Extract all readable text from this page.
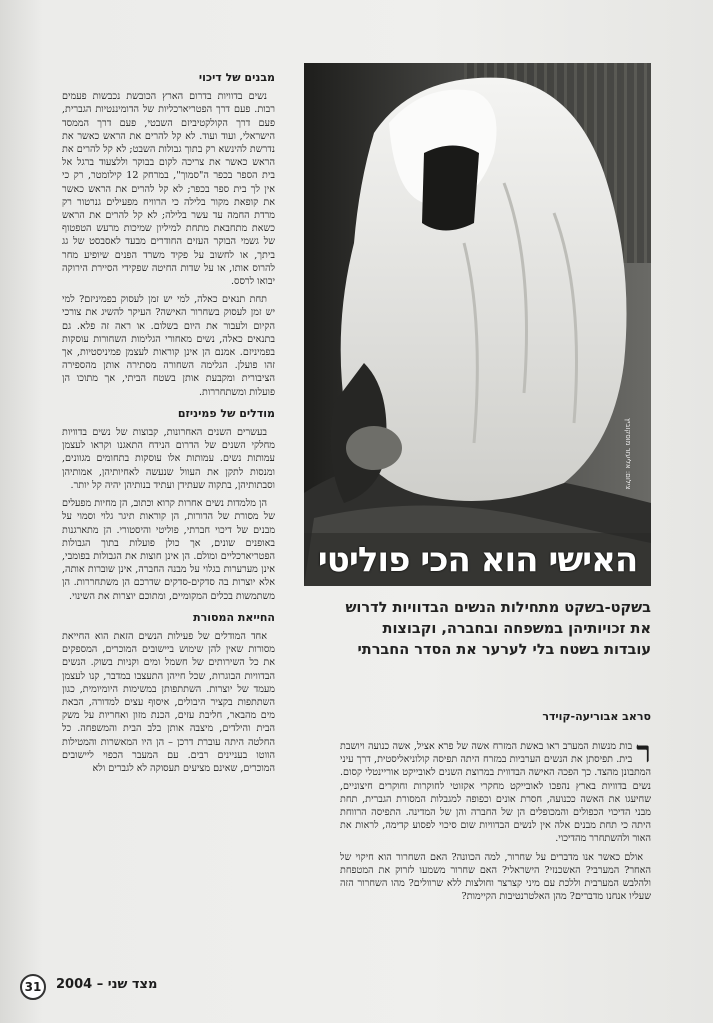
מבנים של דיכוי

נשים בדוויות בדרום הארץ הכובשת נכבשות פעמים רבות. פעם דרך הפטריארכליות של הדומיננטיות הגברית, פעם דרך הקולקטיביזם השבטי, פעם דרך הממסד הישראלי, ועוד ועוד. לא קל להרים את הראש כאשר את נדרשת להינשא רק בתוך גבולות השבט; לא קל להרים את הראש כאשר את צריכה לקום בבוקר וללצעוד ברגל אל בית הספר בכפר ה"סמוך", במרחק 12 קילומטר, רק כי אין לך בית ספר בכפר; לא קל להרים את הראש כאשר את קופאת מקור בלילה כי הרוויח מפעילים גנרטור רק מרדת החמה עד עשר בלילה; לא קל להרים את הראש כשאת מתחבאת מתחת למיליון שמיכות מרעש הטפטוף של גשמי הבוקר העזים החודרים מבעד לאסבסט של גג ביתך, או לחשוב על פקיד משרד הפנים שיופיע מחר להרוס אותו, או על שדות החיטה שפקידי הסיירת הירוקה יבואו לרסס.

תחת תנאים כאלה, למי יש זמן לעסוק בפמיניזם? למי יש זמן לעסוק בשחרור האישה? העיקר להשיג את צורכי הקיום ולעבור את היום בשלום. או ראה זה פלא. גם בתנאים כאלה, נשים מאחורי הגלימות השחורות עוסקות בפמיניזם. אמנם הן אינן קוראות לעצמן פמיניסטיות, אך זהו פועלן. הגלימה השחורה מסתירה אותן מהספירה הציבורית ומקבעת אותן בשטח הביתי, אך מתוכו הן פועלות ומשתחררות.

מודלים של פמיניזם

בעשרים השנים האחרונות, קבוצות של נשים בדוויות מחלקי השנים של הדרום הנידח התאגנו וקראו לעצמן עמותות נשים. עמותות אלו עוסקות בתחומים מגוונים, ומנסות לתקן את העוול שנעשה לאחיותיהן, אמותיהן וסבתותיהן, בתקוה שעתידן ועתיד בנותיהן יהיה קל יותר.

הן מלמדות נשים אחרות קרוא וכתוב, הן מחיות מפעלים של מסורת של הדורות, הן קוראות תיגר גלוי וסמוי על מבנים של דיכוי חברתי, פוליטי והיסטורי. הן מתארגנות באופנים שונים, אך כולן פועלות בתוך הגבולות הפטריארכליים ומולם. הן אינן חוצות את הגבולות בפומבי, אינן מערערות בגלוי על מבנה החברה, אינן שוברות אותה, אלא יוצרות בה סדקים-סדקים שדרכם הן משתחררות. הן משתמשות בכלים המקומיים, ומתוכם יוצרות את השינוי.

החייאת המסורת

אחד המודלים של פעילות הנשים הזאת הוא החייאת מסורות שאין להן שימוש ביישובים המוכרים, המספקים את כל השירותים של חשמל ומים וקניות בשוק. הנשים הבדוויות הבוגרות, שכל חייהן התעצבו במדבר, קנו לעצמן מעמד של יוצרות. השתתפותן במשימות היומיומית, כגון השתתפות בקציר היבולים, איסוף עצים למדורה, הבאת מים מהבאר, חליבת עזים, הכנת מזון ואחריות על משק הבית והילדים, מיצבה אותן בלב הבית והמשפחה. כל החלטה היתה עוברת דרכן – הן היו המאשרות והמטילות הווטו בעניינים רבים. עם המעבר הכפוי ליישובים המוכרים, שאינם מציעים תעסוקה לא לגברים ולא

צילום: אליעזר מוסקוביץ
האישי הוא הכי פוליטי
בשקט-בשקט מתחילות הנשים הבדוויות לדרוש את זכויותיהן במשפחה ובחברה, וקבוצות עובדות בשטח בלי לערער את הסדר החברתי
סראב אבוריעה-קוידר
ר

בות מנשות המערב ראו באשת המזרח אשה של פרא אציל, אשה כנועה ויושבת בית. תפיסתן את הנשים הערביות במזרח היתה תפיסה קולוניאליסטית, דרך עיני המתבונן מהצד. כך הפכה האישה הבדווית במרוצת השנים לאובייקט אוריינטלי קסום. נשים בדוויות בארץ נהפכו לאובייקט מחקרי אקזוטי לחוקרות וחוקרים חיצוניים, שחיעגו את האשה ככנועה, חסרת אונים וכפופה למגבלות המסורת הגברית, תחת מבני הדיכוי הכפולים והמכופלים הן של החברה והן של המדינה. התפיסה הרווחת היתה כי תחת מבנים אלה אין לנשים הבדוויות שום סיכוי לפסוע קדימה, לראות את האור ולהשתחרר מהדיכוי.

אולם כאשר אנו מדברים על שחרור, למה הכוונה? האם השחרור הוא חיקוי של האחר? המערבי? האשכנזי? הישראלי? האם שחרור משמעו לזרוק את המטפחת ולהלבש המערבית וללכת עם מיני קצרצר וחולצות ללא שרוולים? מהו השחרור הזה שעליו אנחנו מדברים? מהן האלטרנטיבות הקיימות?

31	מצד שני – 2004
